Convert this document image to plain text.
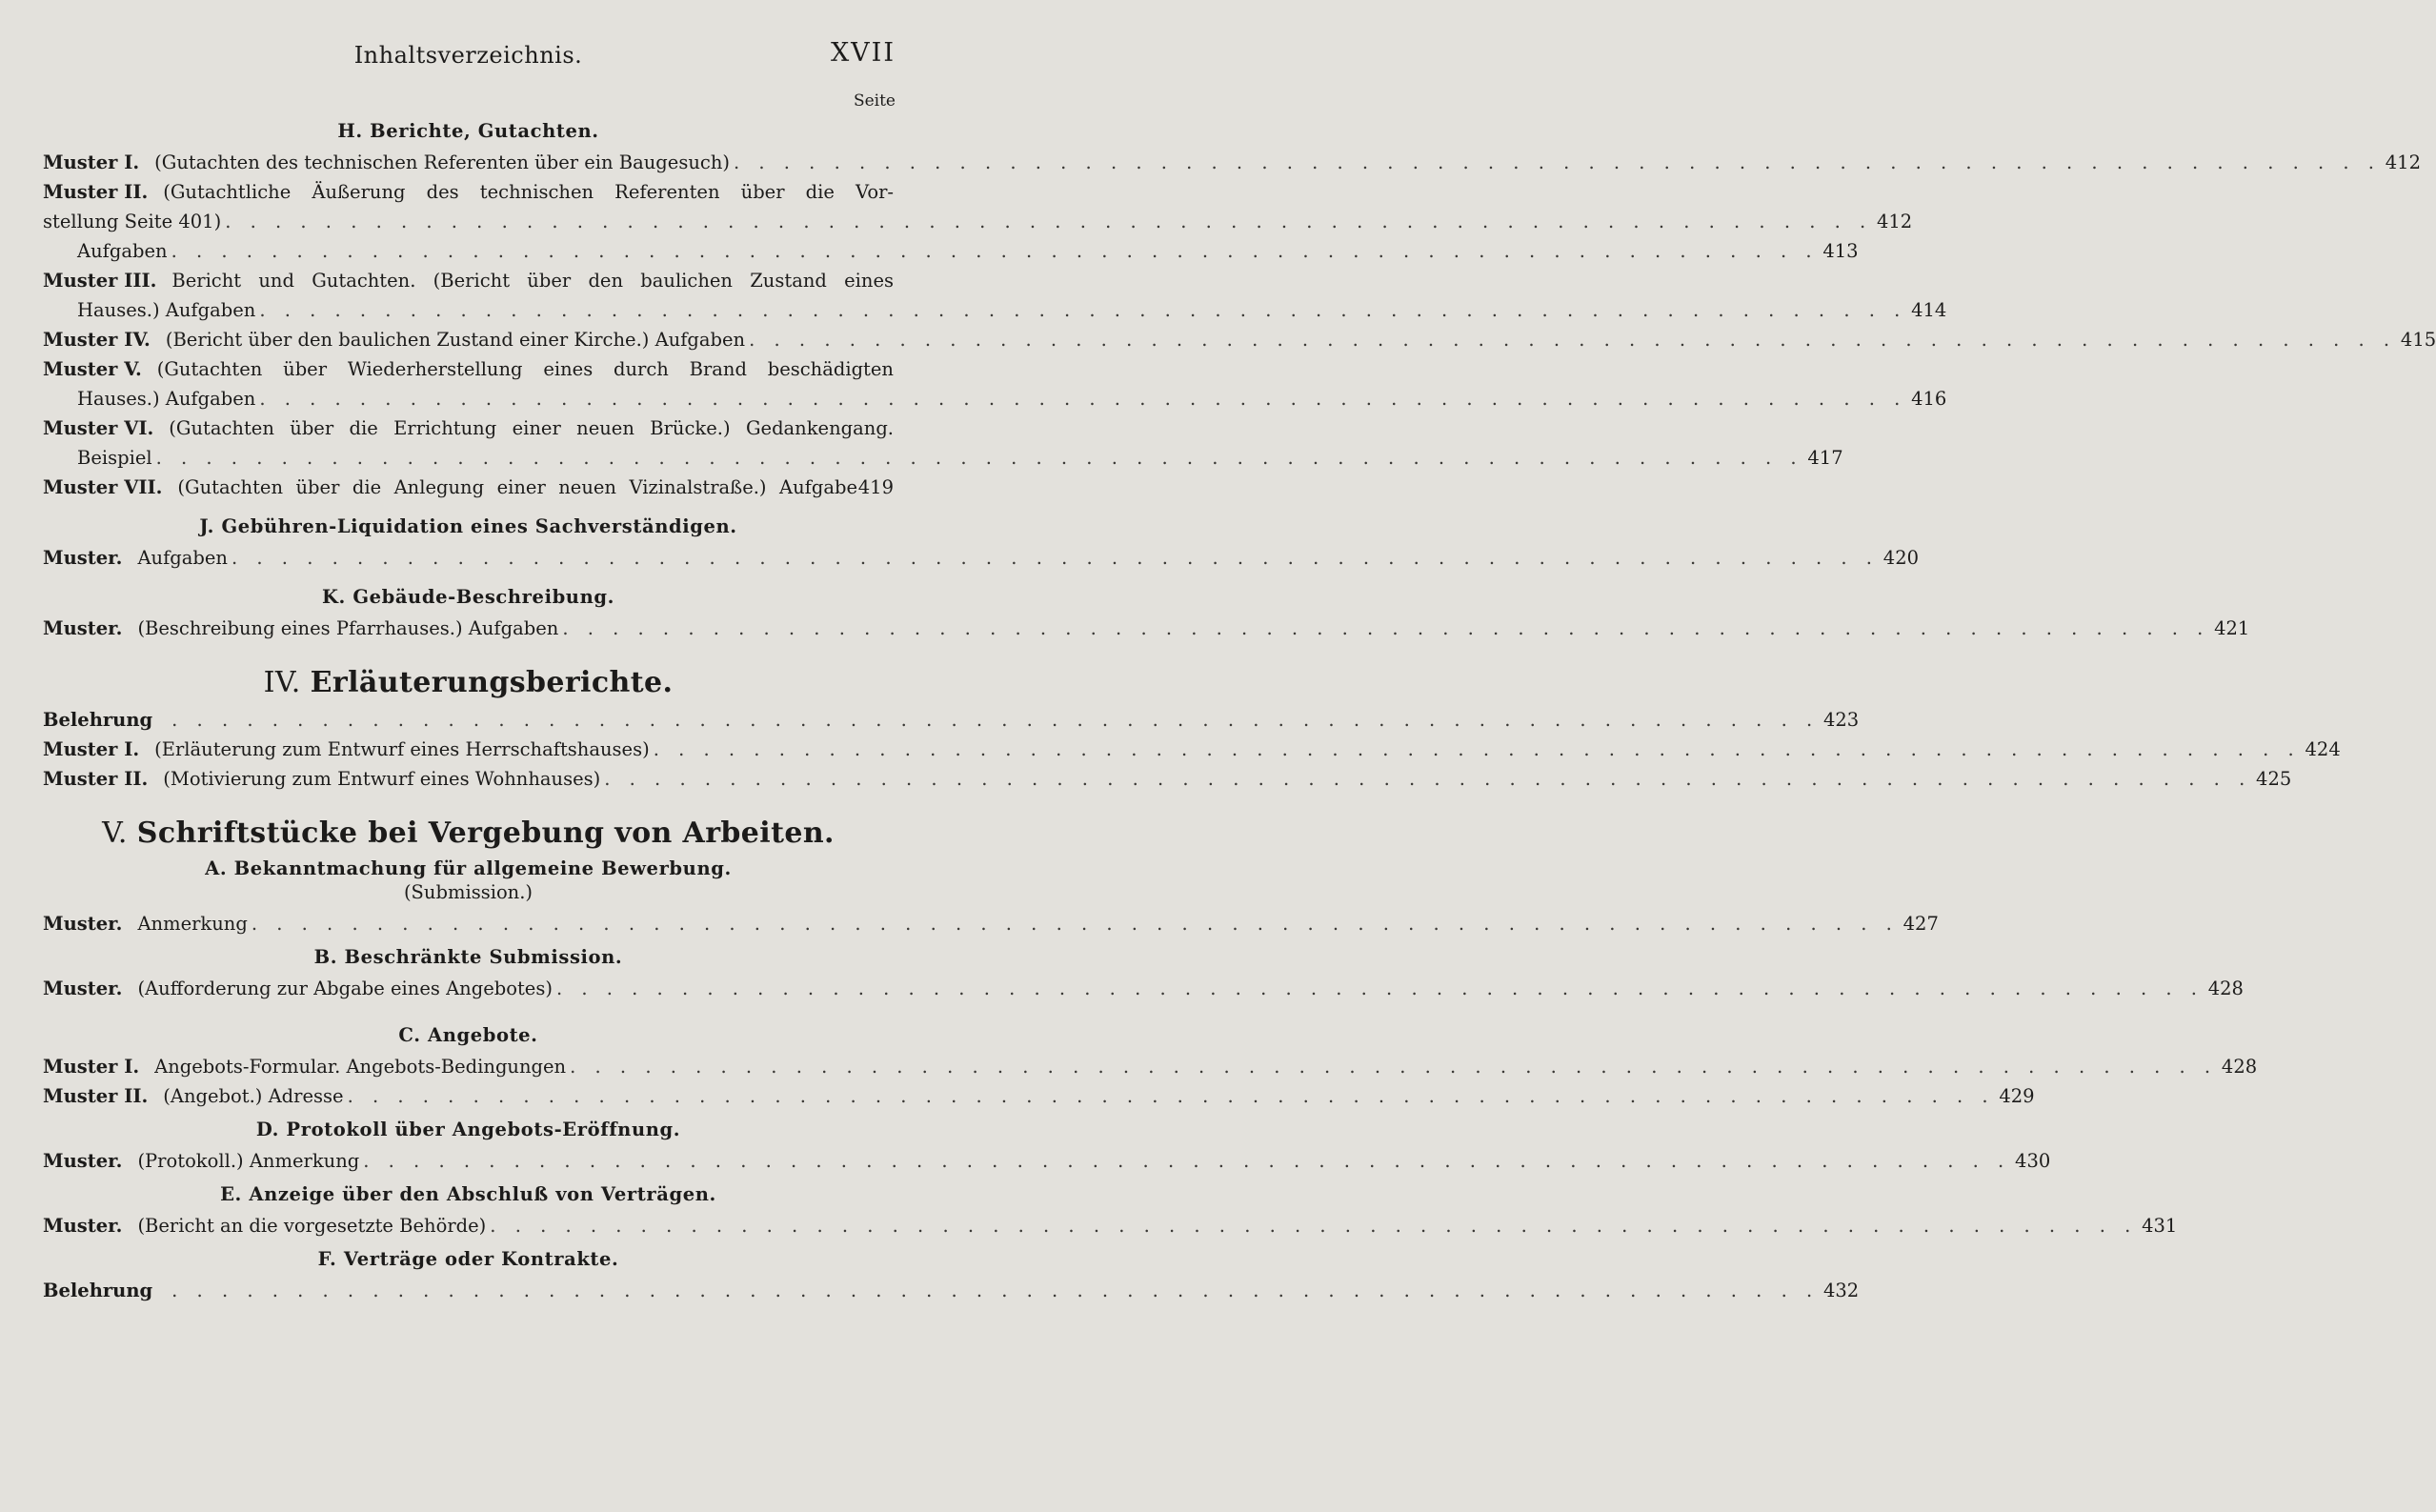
Inhaltsverzeichnis.	XVII
Seite
H. Berichte, Gutachten.
Muster I. (Gutachten des technischen Referenten über ein Baugesuch) . . .	412
Muster II. (Gutachtliche Äußerung des technischen Referenten über die Vor-
stellung Seite 401) . . .	412
Aufgaben . . .	413
Muster III. Bericht und Gutachten. (Bericht über den baulichen Zustand eines
Hauses.) Aufgaben . . .	414
Muster IV. (Bericht über den baulichen Zustand einer Kirche.) Aufgaben . . .	415
Muster V. (Gutachten über Wiederherstellung eines durch Brand beschädigten
Hauses.) Aufgaben . . .	416
Muster VI. (Gutachten über die Errichtung einer neuen Brücke.) Gedankengang.
Beispiel . . .	417
Muster VII. (Gutachten über die Anlegung einer neuen Vizinalstraße.) Aufgabe 419
J. Gebühren-Liquidation eines Sachverständigen.
Muster. Aufgaben . . .	420
K. Gebäude-Beschreibung.
Muster. (Beschreibung eines Pfarrhauses.) Aufgaben . . .	421
IV. Erläuterungsberichte.
Belehrung . . .	423
Muster I. (Erläuterung zum Entwurf eines Herrschaftshauses) . . .	424
Muster II. (Motivierung zum Entwurf eines Wohnhauses) . . .	425
V. Schriftstücke bei Vergebung von Arbeiten.
A. Bekanntmachung für allgemeine Bewerbung.
(Submission.)
Muster. Anmerkung . . .	427
B. Beschränkte Submission.
Muster. (Aufforderung zur Abgabe eines Angebotes) . . .	428
C. Angebote.
Muster I. Angebots-Formular. Angebots-Bedingungen . . .	428
Muster II. (Angebot.) Adresse . . .	429
D. Protokoll über Angebots-Eröffnung.
Muster. (Protokoll.) Anmerkung . . .	430
E. Anzeige über den Abschluß von Verträgen.
Muster. (Bericht an die vorgesetzte Behörde) . . .	431
F. Verträge oder Kontrakte.
Belehrung . . .	432
